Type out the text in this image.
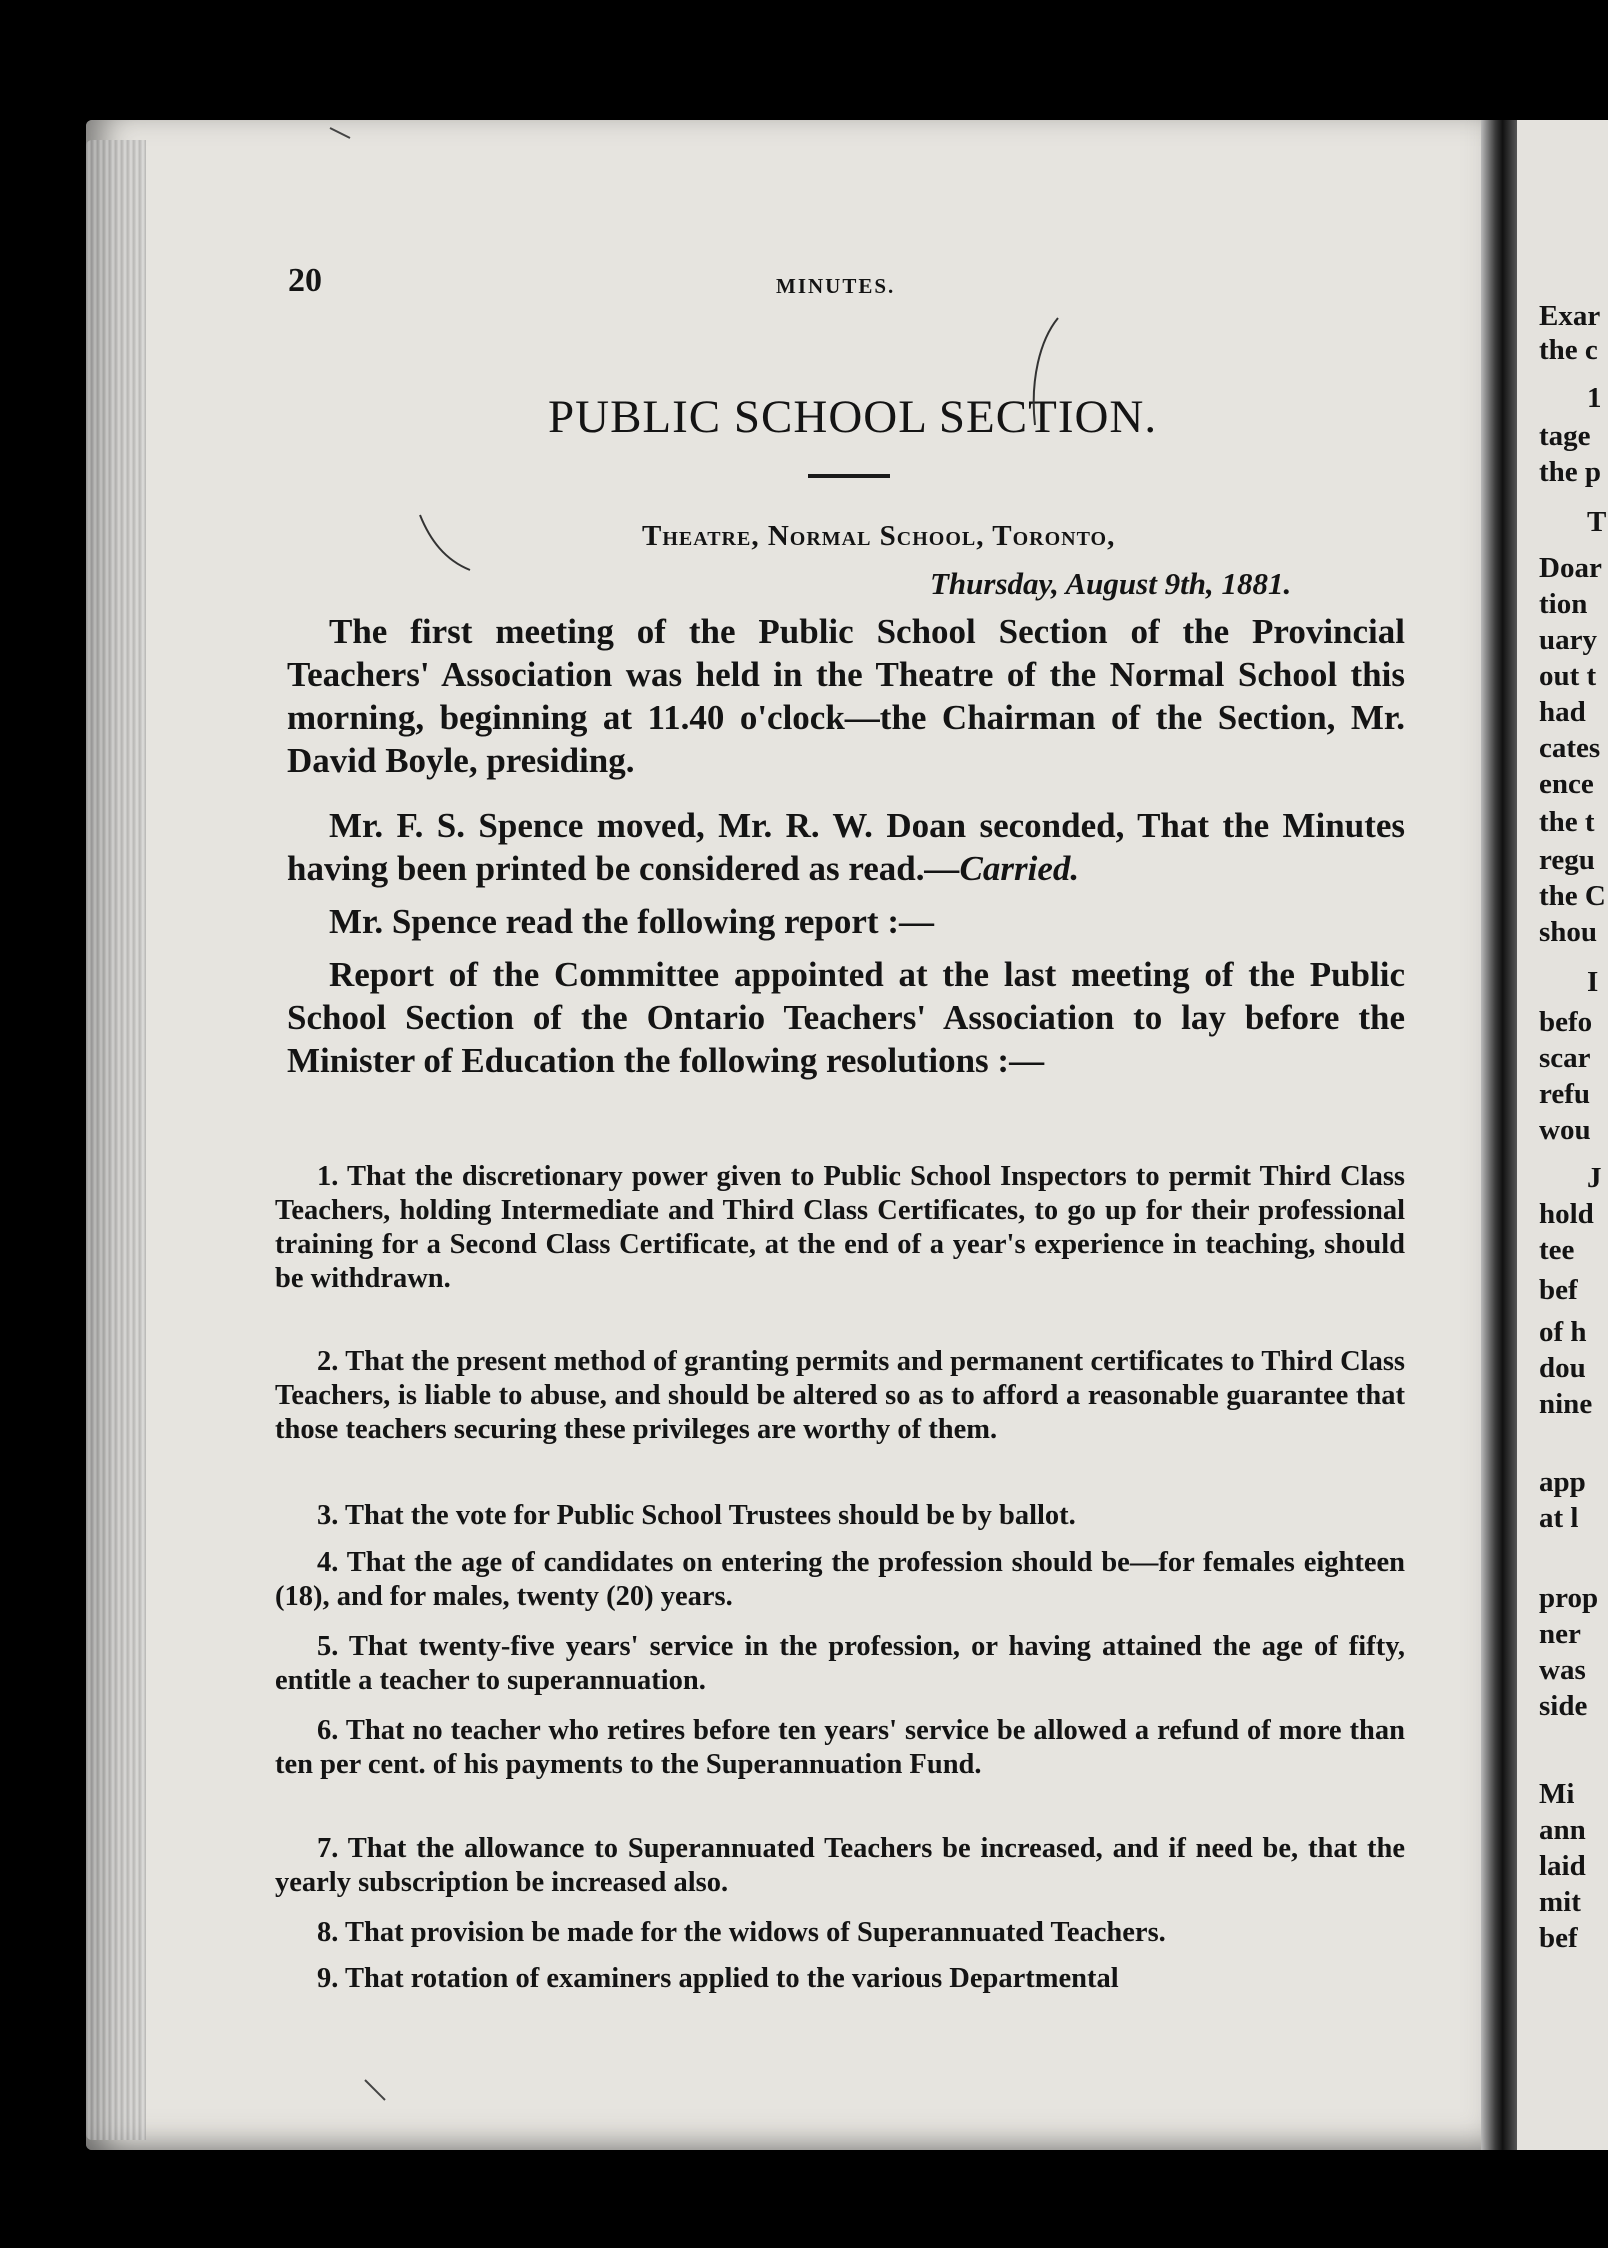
20	MINUTES.
PUBLIC SCHOOL SECTION.
Theatre, Normal School, Toronto,
Thursday, August 9th, 1881.

The first meeting of the Public School Section of the Provincial Teachers' Association was held in the Theatre of the Normal School this morning, beginning at 11.40 o'clock—the Chairman of the Section, Mr. David Boyle, presiding.

Mr. F. S. Spence moved, Mr. R. W. Doan seconded, That the Minutes having been printed be considered as read.—Carried.

Mr. Spence read the following report :—

Report of the Committee appointed at the last meeting of the Public School Section of the Ontario Teachers' Association to lay before the Minister of Education the following resolutions :—

1. That the discretionary power given to Public School Inspectors to permit Third Class Teachers, holding Intermediate and Third Class Certificates, to go up for their professional training for a Second Class Certificate, at the end of a year's experience in teaching, should be withdrawn.

2. That the present method of granting permits and permanent certificates to Third Class Teachers, is liable to abuse, and should be altered so as to afford a reasonable guarantee that those teachers securing these privileges are worthy of them.

3. That the vote for Public School Trustees should be by ballot.

4. That the age of candidates on entering the profession should be—for females eighteen (18), and for males, twenty (20) years.

5. That twenty-five years' service in the profession, or having attained the age of fifty, entitle a teacher to superannuation.

6. That no teacher who retires before ten years' service be allowed a refund of more than ten per cent. of his payments to the Superannuation Fund.

7. That the allowance to Superannuated Teachers be increased, and if need be, that the yearly subscription be increased also.

8. That provision be made for the widows of Superannuated Teachers.

9. That rotation of examiners applied to the various Departmental

Exar
the c
1
tage
the p
T
Doar
tion
uary
out t
had
cates
ence
the t
regu
the C
shou
I
befo
scar
refu
wou
J
hold
tee
bef
of h
dou
nine
app
at l
prop
ner
was
side
Mi
ann
laid
mit
bef
